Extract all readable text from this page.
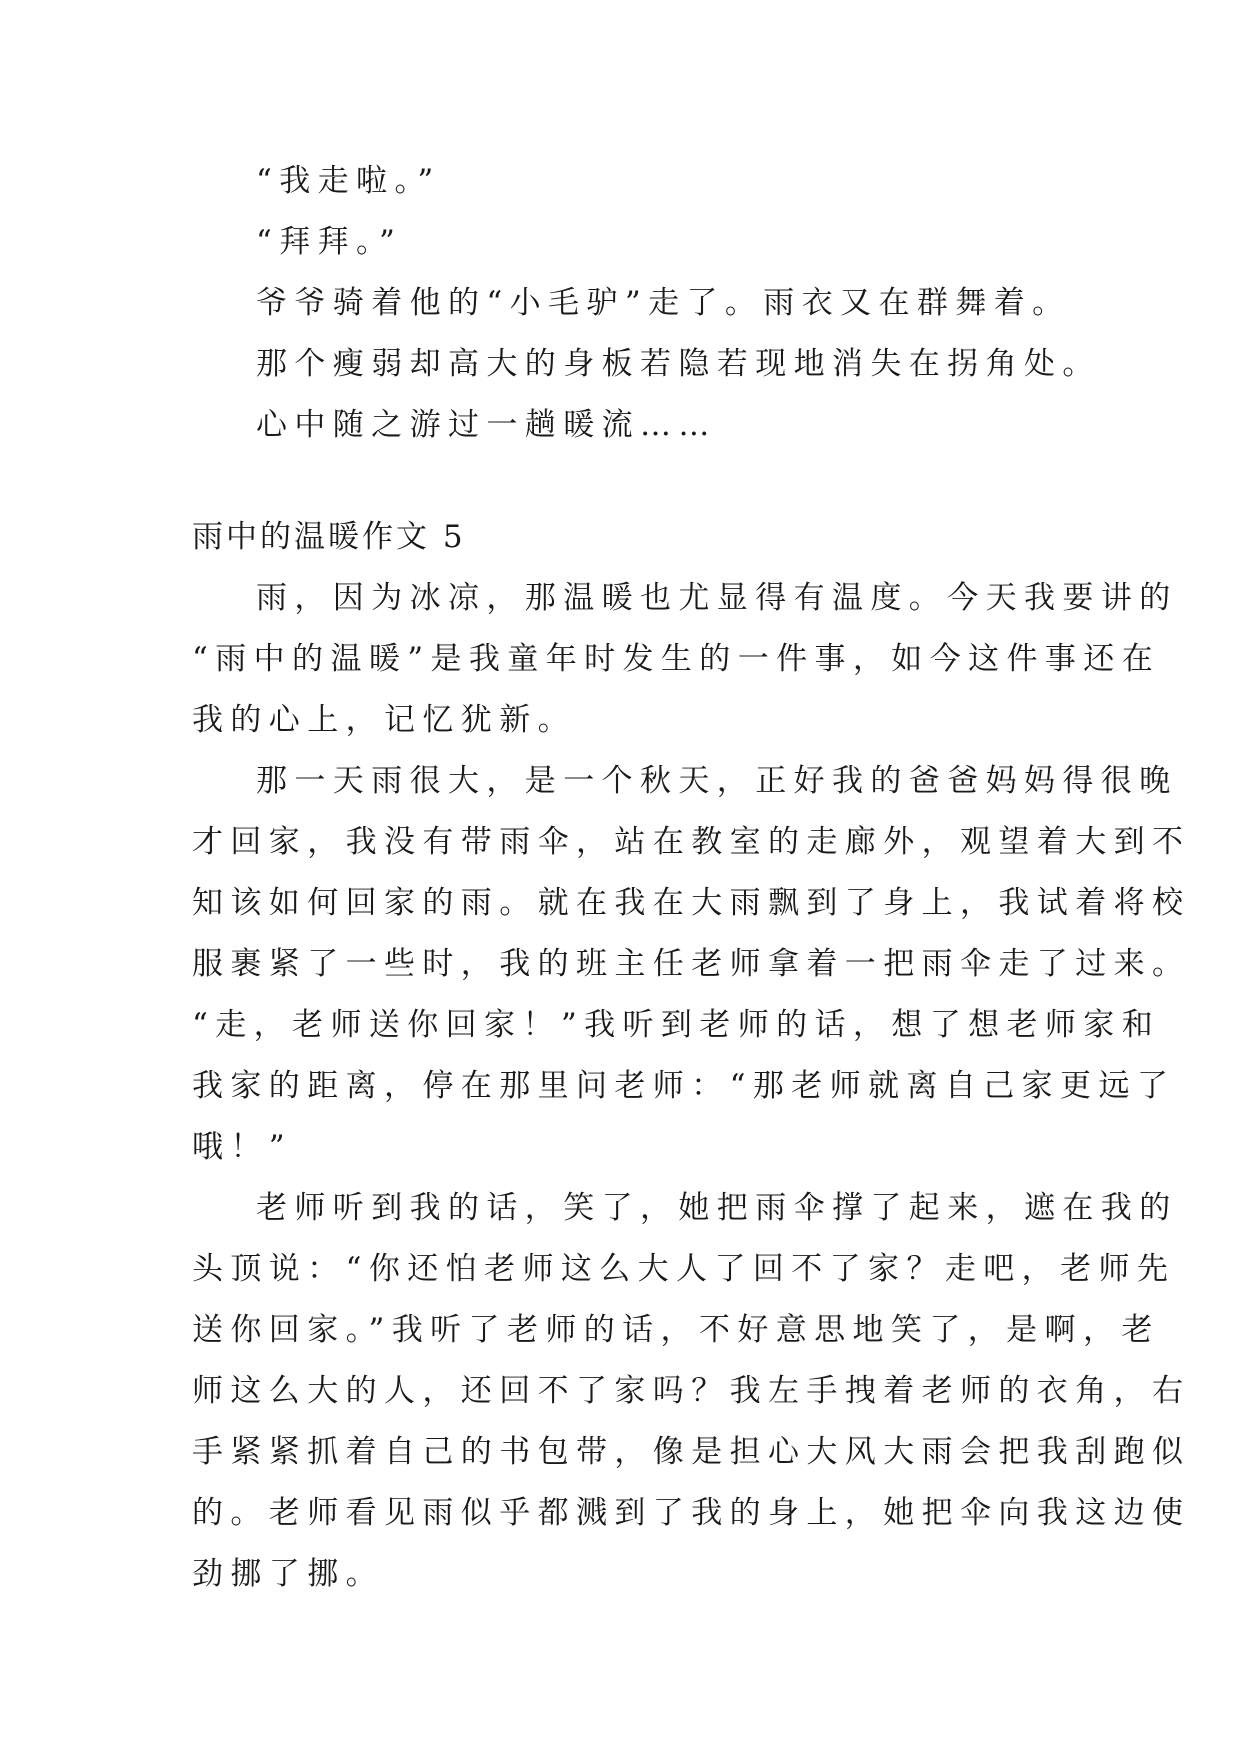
“我走啦。”
“拜拜。”
爷爷骑着他的“小毛驴”走了。雨衣又在群舞着。
那个瘦弱却高大的身板若隐若现地消失在拐角处。
心中随之游过一趟暖流……
雨中的温暖作文 5
雨，因为冰凉，那温暖也尤显得有温度。今天我要讲的
“雨中的温暖”是我童年时发生的一件事，如今这件事还在
我的心上，记忆犹新。
那一天雨很大，是一个秋天，正好我的爸爸妈妈得很晚
才回家，我没有带雨伞，站在教室的走廊外，观望着大到不
知该如何回家的雨。就在我在大雨飘到了身上，我试着将校
服裹紧了一些时，我的班主任老师拿着一把雨伞走了过来。
“走，老师送你回家！”我听到老师的话，想了想老师家和
我家的距离，停在那里问老师：“那老师就离自己家更远了
哦！”
老师听到我的话，笑了，她把雨伞撑了起来，遮在我的
头顶说：“你还怕老师这么大人了回不了家？走吧，老师先
送你回家。”我听了老师的话，不好意思地笑了，是啊，老
师这么大的人，还回不了家吗？我左手拽着老师的衣角，右
手紧紧抓着自己的书包带，像是担心大风大雨会把我刮跑似
的。老师看见雨似乎都溅到了我的身上，她把伞向我这边使
劲挪了挪。
